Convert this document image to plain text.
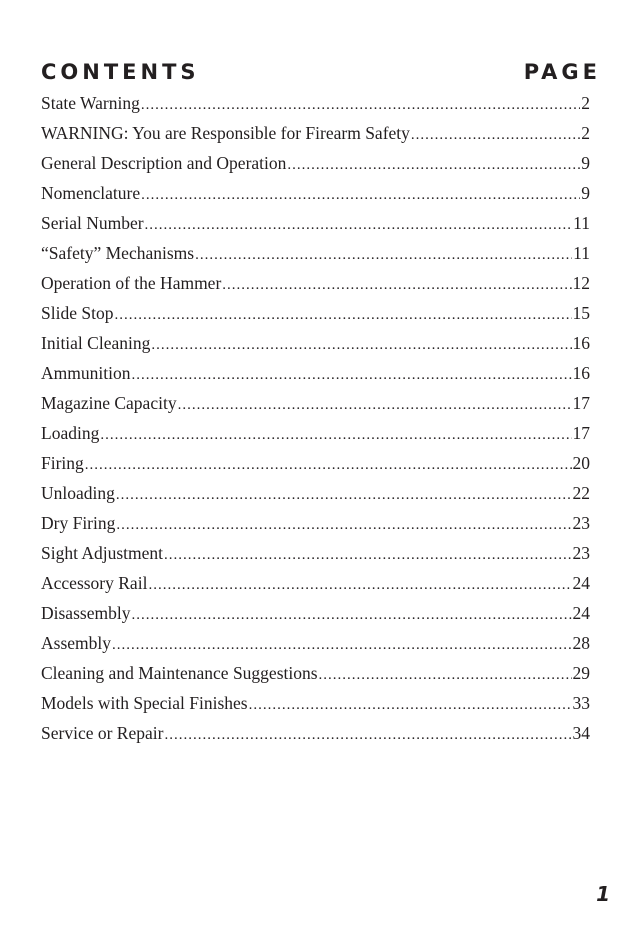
CONTENTS	PAGE
State Warning .....	2
WARNING: You are Responsible for Firearm Safety .....	2
General Description and Operation .....	9
Nomenclature .....	9
Serial Number .....	11
“Safety” Mechanisms .....	11
Operation of the Hammer .....	12
Slide Stop .....	15
Initial Cleaning .....	16
Ammunition .....	16
Magazine Capacity .....	17
Loading .....	17
Firing .....	20
Unloading .....	22
Dry Firing .....	23
Sight Adjustment .....	23
Accessory Rail .....	24
Disassembly .....	24
Assembly .....	28
Cleaning and Maintenance Suggestions .....	29
Models with Special Finishes .....	33
Service or Repair .....	34
1
